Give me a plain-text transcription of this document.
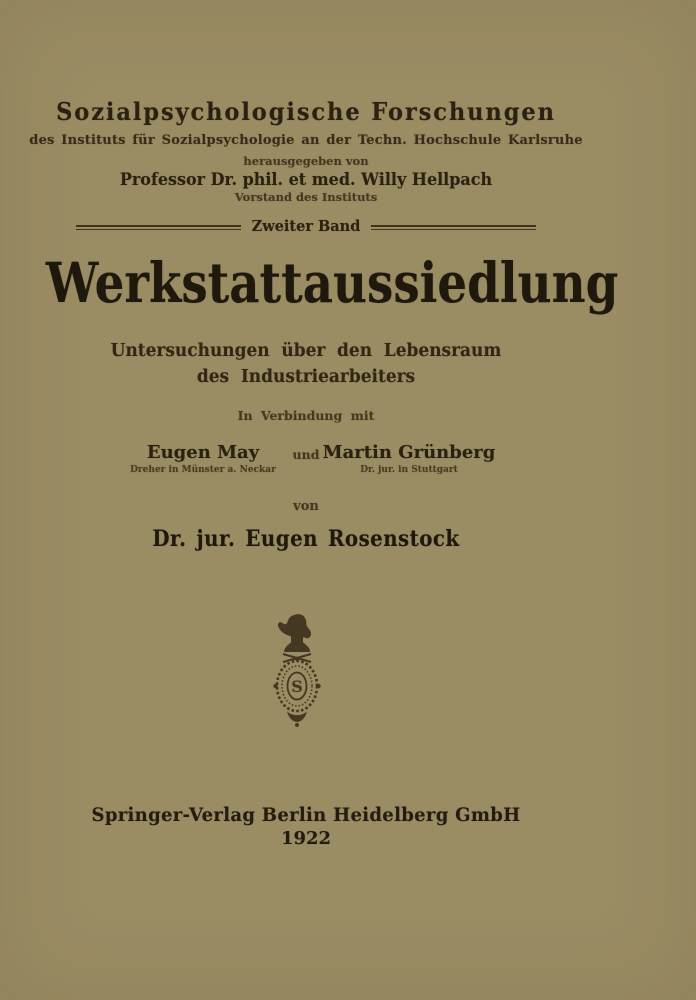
Sozialpsychologische Forschungen
des Instituts für Sozialpsychologie an der Techn. Hochschule Karlsruhe
herausgegeben von
Professor Dr. phil. et med. Willy Hellpach
Vorstand des Instituts
Zweiter Band
Werkstattaussiedlung
Untersuchungen über den Lebensraum
des Industriearbeiters
In Verbindung mit
Eugen May
Dreher in Münster a. Neckar
Martin Grünberg
Dr. jur. in Stuttgart
und
von
Dr. jur. Eugen Rosenstock
S
Springer-Verlag Berlin Heidelberg GmbH
1922
